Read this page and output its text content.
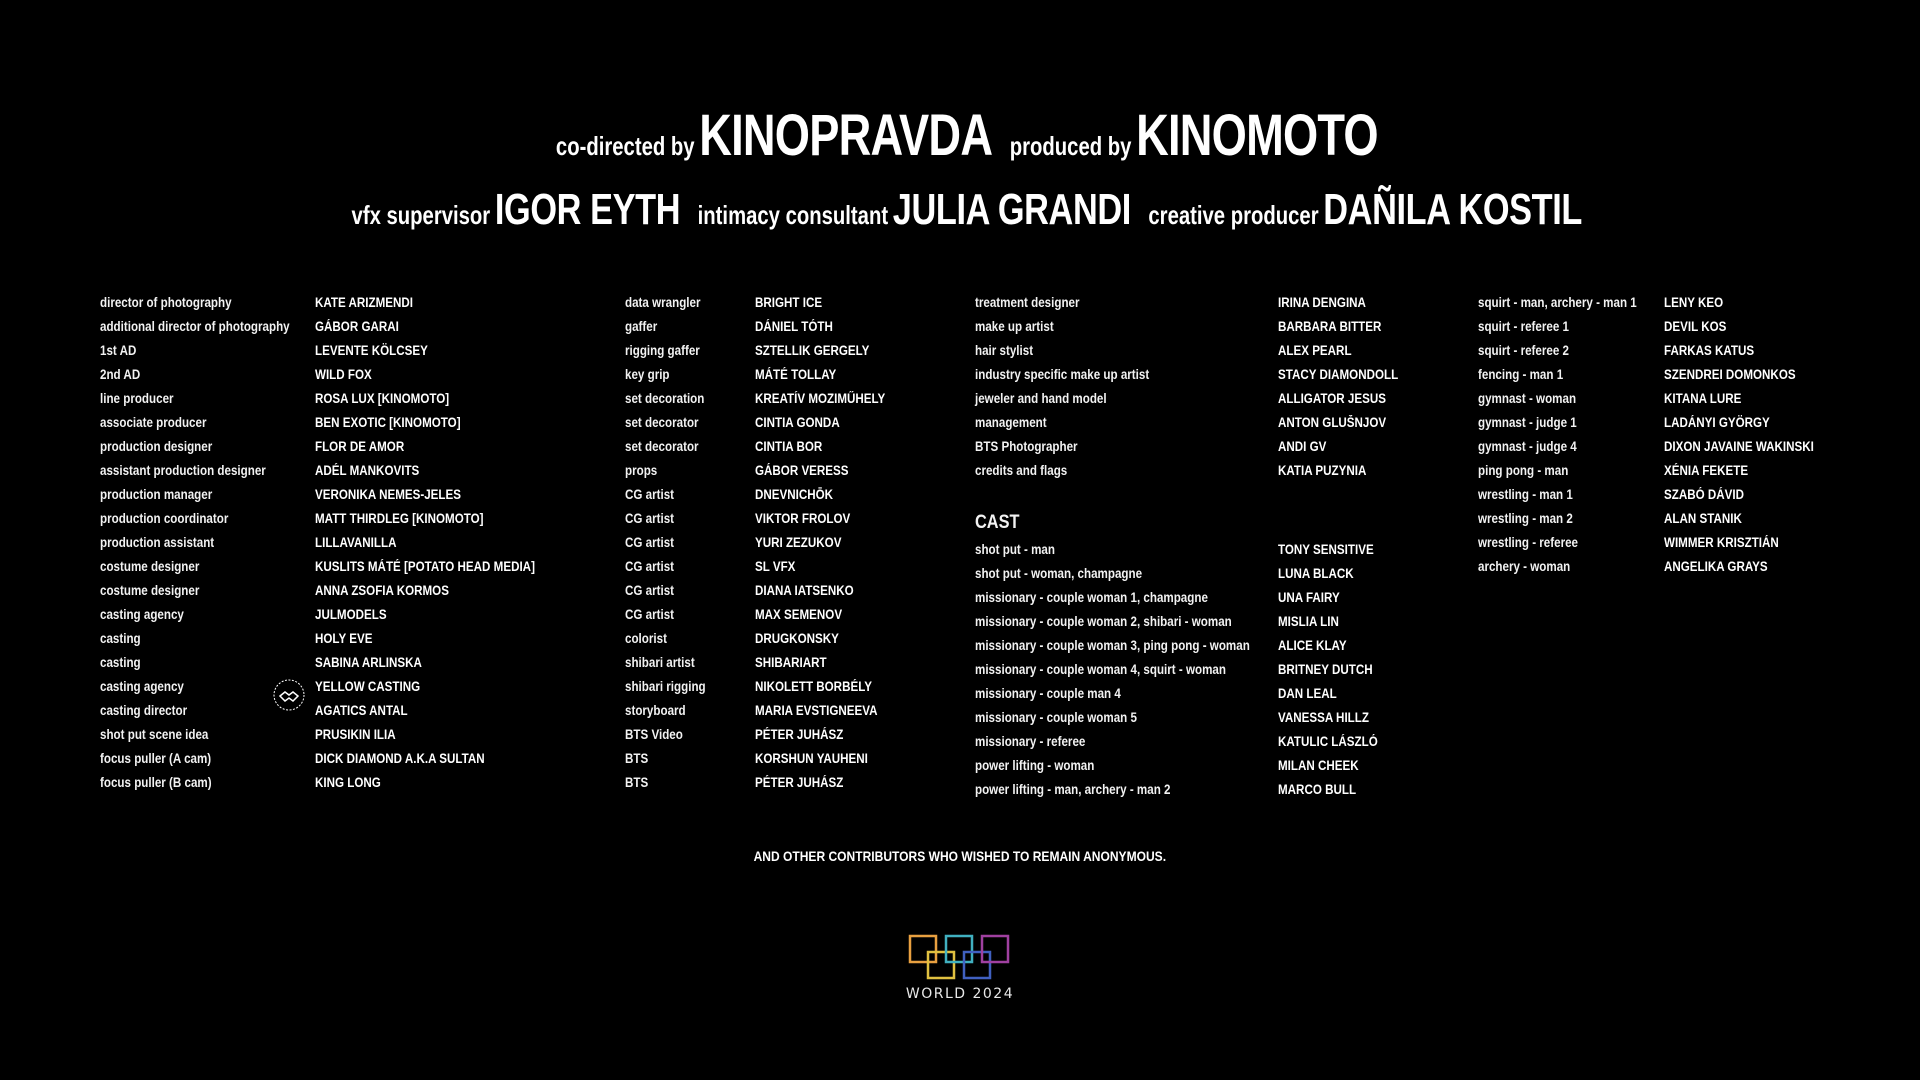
co-directed byKINOPRAVDA produced byKINOMOTO
vfx supervisor IGOR EYTH intimacy consultant JULIA GRANDI creative producer DAÑILA KOSTIL
director of photography
additional director of photography
1st AD
2nd AD
line producer
associate producer
production designer
assistant production designer
production manager
production coordinator
production assistant
costume designer
costume designer
casting agency
casting
casting
casting agency
casting director
shot put scene idea
focus puller (A cam)
focus puller (B cam)
KATE ARIZMENDI
GÁBOR GARAI
LEVENTE KÖLCSEY
WILD FOX
ROSA LUX [KINOMOTO]
BEN EXOTIC [KINOMOTO]
FLOR DE AMOR
ADÉL MANKOVITS
VERONIKA NEMES-JELES
MATT THIRDLEG [KINOMOTO]
LILLAVANILLA
KUSLITS MÁTÉ [POTATO HEAD MEDIA]
ANNA ZSOFIA KORMOS
JULMODELS
HOLY EVE
SABINA ARLINSKA
YELLOW CASTING
AGATICS ANTAL
PRUSIKIN ILIA
DICK DIAMOND A.K.A SULTAN
KING LONG
data wrangler
gaffer
rigging gaffer
key grip
set decoration
set decorator
set decorator
props
CG artist
CG artist
CG artist
CG artist
CG artist
CG artist
colorist
shibari artist
shibari rigging
storyboard
BTS Video
BTS
BTS
BRIGHT ICE
DÁNIEL TÓTH
SZTELLIK GERGELY
MÁTÉ TOLLAY
KREATÍV MOZIMŰHELY
CINTIA GONDA
CINTIA BOR
GÁBOR VERESS
DNEVNICHŌK
VIKTOR FROLOV
YURI ZEZUKOV
SL VFX
DIANA IATSENKO
MAX SEMENOV
DRUGKONSKY
SHIBARIART
NIKOLETT BORBÉLY
MARIA EVSTIGNEEVA
PÉTER JUHÁSZ
KORSHUN YAUHENI
PÉTER JUHÁSZ
treatment designer
make up artist
hair stylist
industry specific make up artist
jeweler and hand model
management
BTS Photographer
credits and flags
CAST
shot put - man
shot put - woman, champagne
missionary - couple woman 1, champagne
missionary - couple woman 2, shibari - woman
missionary - couple woman 3, ping pong - woman
missionary - couple woman 4, squirt - woman
missionary - couple man 4
missionary - couple woman 5
missionary - referee
power lifting - woman
power lifting - man, archery - man 2
IRINA DENGINA
BARBARA BITTER
ALEX PEARL
STACY DIAMONDOLL
ALLIGATOR JESUS
ANTON GLUŠNJOV
ANDI GV
KATIA PUZYNIA
TONY SENSITIVE
LUNA BLACK
UNA FAIRY
MISLIA LIN
ALICE KLAY
BRITNEY DUTCH
DAN LEAL
VANESSA HILLZ
KATULIC LÁSZLÓ
MILAN CHEEK
MARCO BULL
squirt - man, archery - man 1
squirt - referee 1
squirt - referee 2
fencing - man 1
gymnast - woman
gymnast - judge 1
gymnast - judge 4
ping pong - man
wrestling - man 1
wrestling - man 2
wrestling - referee
archery - woman
LENY KEO
DEVIL KOS
FARKAS KATUS
SZENDREI DOMONKOS
KITANA LURE
LADÁNYI GYÖRGY
DIXON JAVAINE WAKINSKI
XÉNIA FEKETE
SZABÓ DÁVID
ALAN STANIK
WIMMER KRISZTIÁN
ANGELIKA GRAYS
AND OTHER CONTRIBUTORS WHO WISHED TO REMAIN ANONYMOUS.
WORLD 2024
